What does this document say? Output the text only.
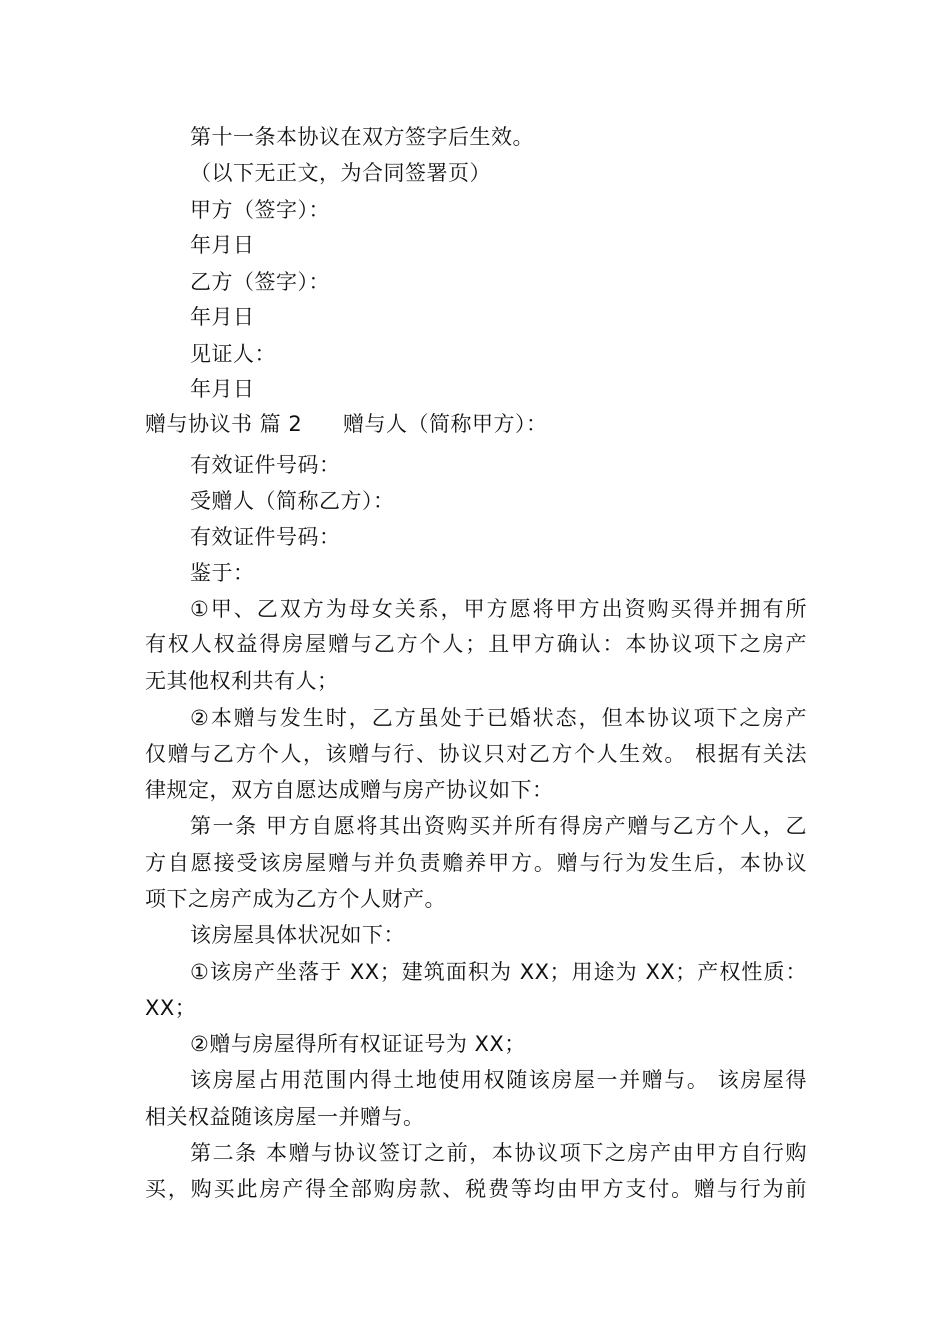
第十一条本协议在双方签字后生效。
（以下无正文，为合同签署页）
甲方（签字）：
年月日
乙方（签字）：
年月日
见证人：
年月日
赠与协议书 篇 2 赠与人（简称甲方）：
有效证件号码：
受赠人（简称乙方）：
有效证件号码：
鉴于：
①甲、乙双方为母女关系，甲方愿将甲方出资购买得并拥有所
有权人权益得房屋赠与乙方个人；且甲方确认：本协议项下之房产
无其他权利共有人；
②本赠与发生时，乙方虽处于已婚状态，但本协议项下之房产
仅赠与乙方个人，该赠与行、协议只对乙方个人生效。 根据有关法
律规定，双方自愿达成赠与房产协议如下：
第一条 甲方自愿将其出资购买并所有得房产赠与乙方个人，乙
方自愿接受该房屋赠与并负责赡养甲方。赠与行为发生后，本协议
项下之房产成为乙方个人财产。
该房屋具体状况如下：
①该房产坐落于 XX；建筑面积为 XX；用途为 XX；产权性质：
XX；
②赠与房屋得所有权证证号为 XX；
该房屋占用范围内得土地使用权随该房屋一并赠与。 该房屋得
相关权益随该房屋一并赠与。
第二条 本赠与协议签订之前，本协议项下之房产由甲方自行购
买，购买此房产得全部购房款、税费等均由甲方支付。赠与行为前
